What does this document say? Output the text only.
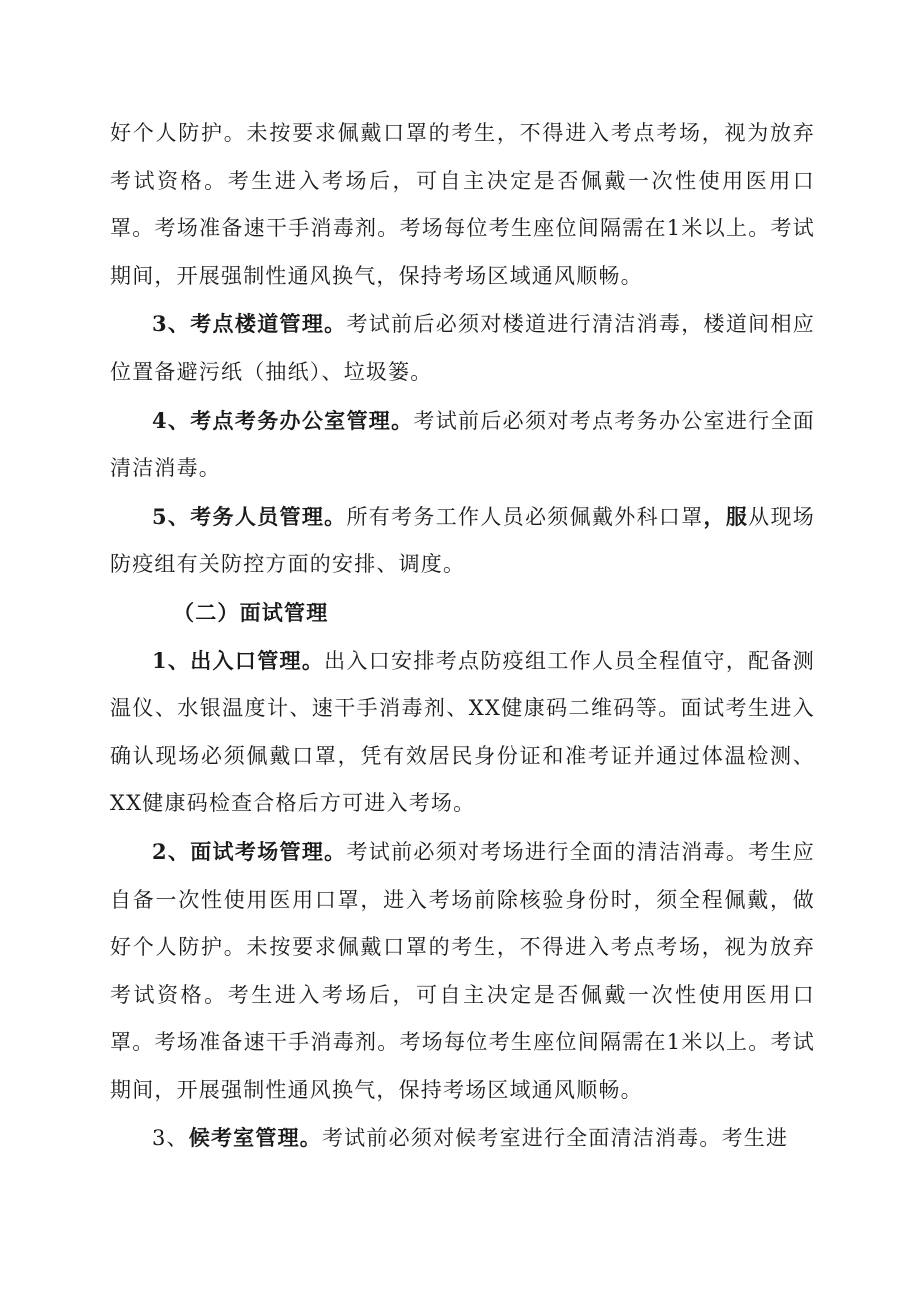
好个人防护。未按要求佩戴口罩的考生，不得进入考点考场，视为放弃考试资格。考生进入考场后，可自主决定是否佩戴一次性使用医用口罩。考场准备速干手消毒剂。考场每位考生座位间隔需在1米以上。考试期间，开展强制性通风换气，保持考场区域通风顺畅。

3、考点楼道管理。考试前后必须对楼道进行清洁消毒，楼道间相应位置备避污纸（抽纸）、垃圾篓。

4、考点考务办公室管理。考试前后必须对考点考务办公室进行全面清洁消毒。

5、考务人员管理。所有考务工作人员必须佩戴外科口罩，服从现场防疫组有关防控方面的安排、调度。

（二）面试管理

1、出入口管理。出入口安排考点防疫组工作人员全程值守，配备测温仪、水银温度计、速干手消毒剂、XX健康码二维码等。面试考生进入确认现场必须佩戴口罩，凭有效居民身份证和准考证并通过体温检测、XX健康码检查合格后方可进入考场。

2、面试考场管理。考试前必须对考场进行全面的清洁消毒。考生应自备一次性使用医用口罩，进入考场前除核验身份时，须全程佩戴，做好个人防护。未按要求佩戴口罩的考生，不得进入考点考场，视为放弃考试资格。考生进入考场后，可自主决定是否佩戴一次性使用医用口罩。考场准备速干手消毒剂。考场每位考生座位间隔需在1米以上。考试期间，开展强制性通风换气，保持考场区域通风顺畅。

3、候考室管理。考试前必须对候考室进行全面清洁消毒。考生进
